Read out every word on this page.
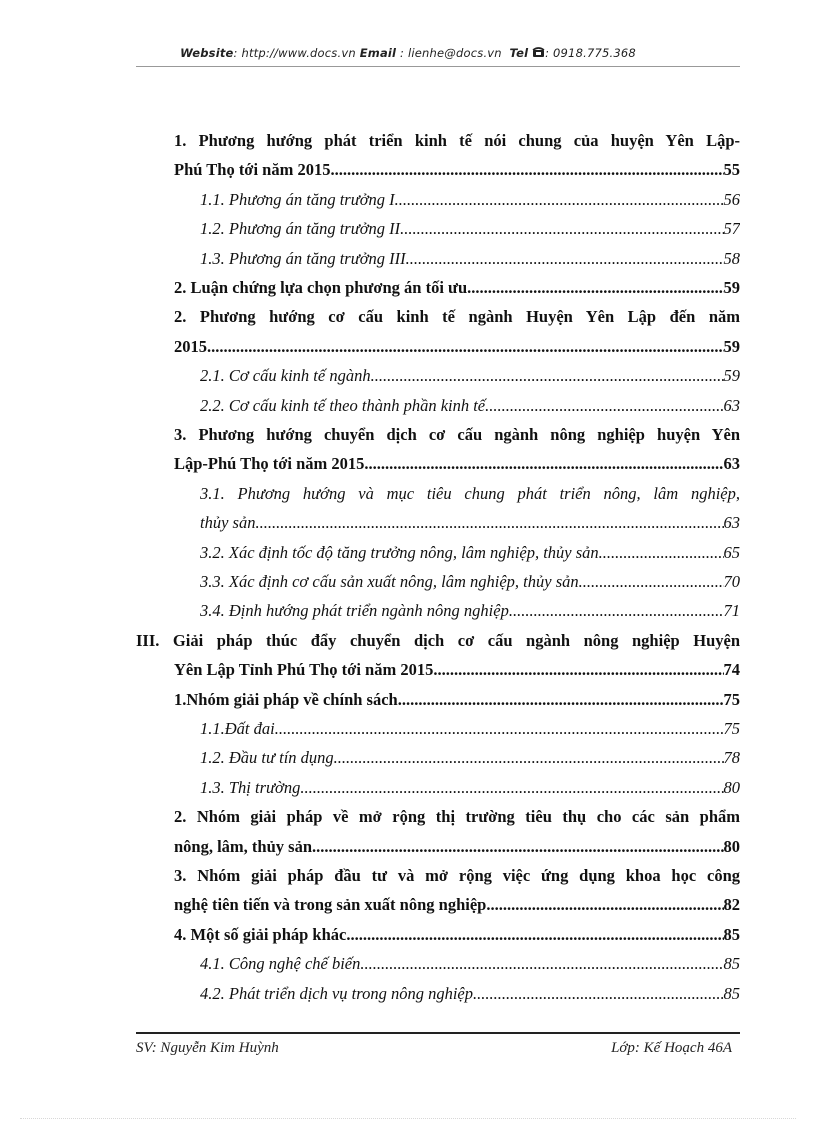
Website: http://www.docs.vn Email : lienhe@docs.vn Tel : 0918.775.368
1. Phương hướng phát triển kinh tế nói chung của huyện Yên Lập-
Phú Thọ tới năm 2015 .....	55
1.1. Phương án tăng trưởng I .....	56
1.2. Phương án tăng trưởng II .....	57
1.3. Phương án tăng trưởng III .....	58
2. Luận chứng lựa chọn phương án tối ưu .....	59
2. Phương hướng cơ cấu kinh tế ngành Huyện Yên Lập đến năm
2015 .....	59
2.1. Cơ cấu kinh tế ngành .....	59
2.2. Cơ cấu kinh tế theo thành phần kinh tế .....	63
3. Phương hướng chuyển dịch cơ cấu ngành nông nghiệp huyện Yên
Lập-Phú Thọ tới năm 2015 .....	63
3.1. Phương hướng và mục tiêu chung phát triển nông, lâm nghiệp,
thủy sản .....	63
3.2. Xác định tốc độ tăng trưởng nông, lâm nghiệp, thủy sản .....	65
3.3. Xác định cơ cấu sản xuất nông, lâm nghiệp, thủy sản .....	70
3.4. Định hướng phát triển ngành nông nghiệp .....	71
III. Giải pháp thúc đẩy chuyển dịch cơ cấu ngành nông nghiệp Huyện
Yên Lập Tỉnh Phú Thọ tới năm 2015 .....	74
1.Nhóm giải pháp về chính sách .....	75
1.1.Đất đai .....	75
1.2. Đầu tư tín dụng .....	78
1.3. Thị trường .....	80
2. Nhóm giải pháp về mở rộng thị trường tiêu thụ cho các sản phẩm
nông, lâm, thủy sản .....	80
3. Nhóm giải pháp đầu tư và mở rộng việc ứng dụng khoa học công
nghệ tiên tiến và trong sản xuất nông nghiệp .....	82
4. Một số giải pháp khác .....	85
4.1. Công nghệ chế biến .....	85
4.2. Phát triển dịch vụ trong nông nghiệp .....	85
SV: Nguyễn Kim Huỳnh	Lớp: Kế Hoạch 46A
